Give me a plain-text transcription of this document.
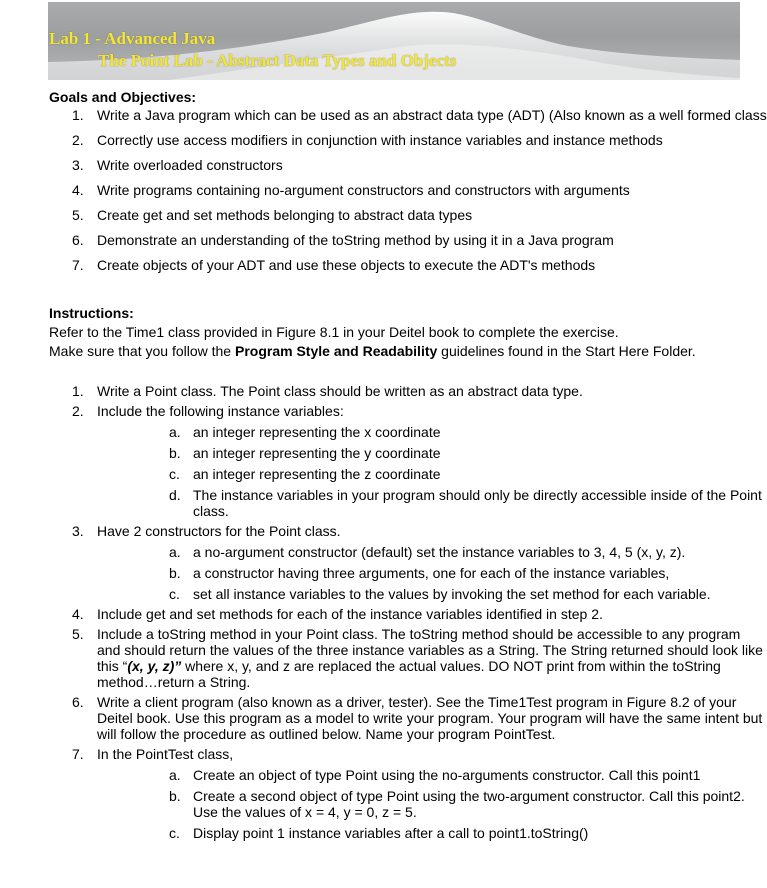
Lab 1 - Advanced Java
The Point Lab - Abstract Data Types and Objects
Goals and Objectives:
1. Write a Java program which can be used as an abstract data type (ADT) (Also known as a well formed class
2. Correctly use access modifiers in conjunction with instance variables and instance methods
3. Write overloaded constructors
4. Write programs containing no-argument constructors and constructors with arguments
5. Create get and set methods belonging to abstract data types
6. Demonstrate an understanding of the toString method by using it in a Java program
7. Create objects of your ADT and use these objects to execute the ADT's methods
Instructions:

Refer to the Time1 class provided in Figure 8.1 in your Deitel book to complete the exercise.

Make sure that you follow the Program Style and Readability guidelines found in the Start Here Folder.

1. Write a Point class. The Point class should be written as an abstract data type.
2. Include the following instance variables:
a. an integer representing the x coordinate
b. an integer representing the y coordinate
c. an integer representing the z coordinate
d. The instance variables in your program should only be directly accessible inside of the Point class.
3. Have 2 constructors for the Point class.
a. a no-argument constructor (default) set the instance variables to 3, 4, 5 (x, y, z).
b. a constructor having three arguments, one for each of the instance variables,
c. set all instance variables to the values by invoking the set method for each variable.
4. Include get and set methods for each of the instance variables identified in step 2.
5. Include a toString method in your Point class. The toString method should be accessible to any program and should return the values of the three instance variables as a String. The String returned should look like this “(x, y, z)” where x, y, and z are replaced the actual values. DO NOT print from within the toString method…return a String.
6. Write a client program (also known as a driver, tester). See the Time1Test program in Figure 8.2 of your Deitel book. Use this program as a model to write your program. Your program will have the same intent but will follow the procedure as outlined below. Name your program PointTest.
7. In the PointTest class,
a. Create an object of type Point using the no-arguments constructor. Call this point1
b. Create a second object of type Point using the two-argument constructor. Call this point2. Use the values of x = 4, y = 0, z = 5.
c. Display point 1 instance variables after a call to point1.toString()
